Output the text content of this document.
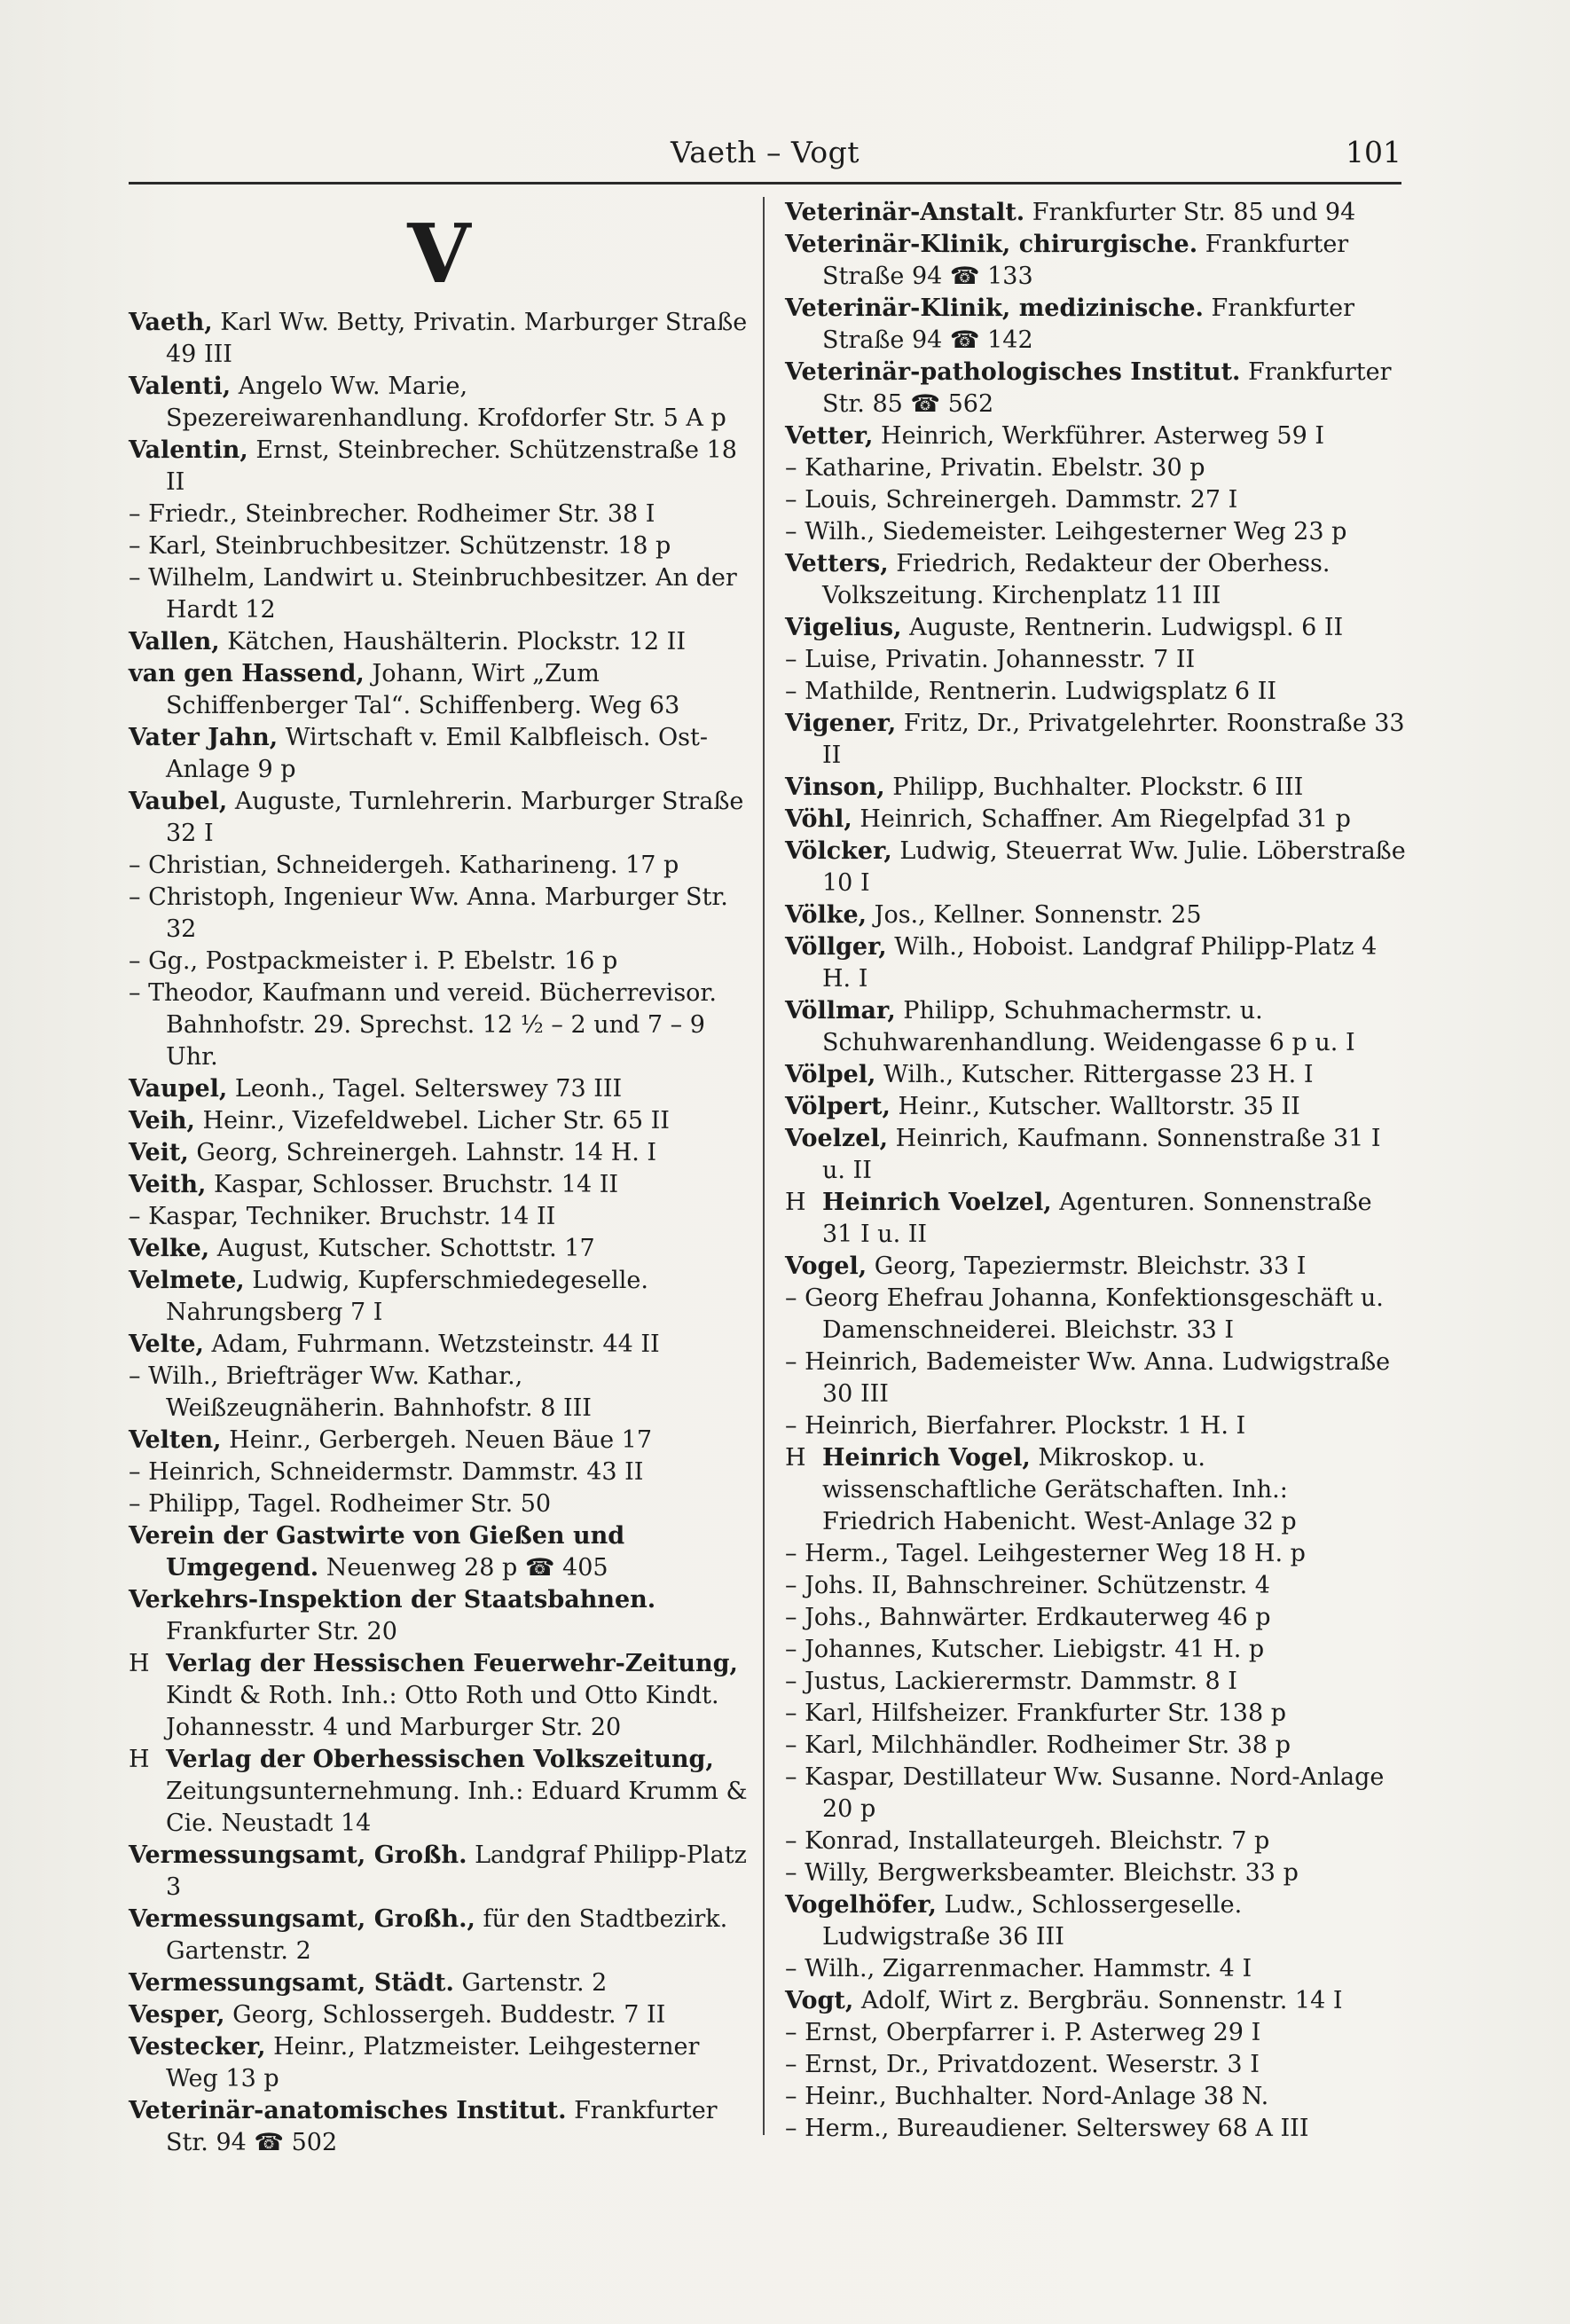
Vaeth – Vogt	101
V

Vaeth, Karl Ww. Betty, Privatin. Marburger Straße 49 III

Valenti, Angelo Ww. Marie, Spezereiwarenhandlung. Krofdorfer Str. 5 A p

Valentin, Ernst, Steinbrecher. Schützenstraße 18 II

– Friedr., Steinbrecher. Rodheimer Str. 38 I

– Karl, Steinbruchbesitzer. Schützenstr. 18 p

– Wilhelm, Landwirt u. Steinbruchbesitzer. An der Hardt 12

Vallen, Kätchen, Haushälterin. Plockstr. 12 II

van gen Hassend, Johann, Wirt „Zum Schiffenberger Tal“. Schiffenberg. Weg 63

Vater Jahn, Wirtschaft v. Emil Kalbfleisch. Ost-Anlage 9 p

Vaubel, Auguste, Turnlehrerin. Marburger Straße 32 I

– Christian, Schneidergeh. Katharineng. 17 p

– Christoph, Ingenieur Ww. Anna. Marburger Str. 32

– Gg., Postpackmeister i. P. Ebelstr. 16 p

– Theodor, Kaufmann und vereid. Bücherrevisor. Bahnhofstr. 29. Sprechst. 12 ½ – 2 und 7 – 9 Uhr.

Vaupel, Leonh., Tagel. Selterswey 73 III

Veih, Heinr., Vizefeldwebel. Licher Str. 65 II

Veit, Georg, Schreinergeh. Lahnstr. 14 H. I

Veith, Kaspar, Schlosser. Bruchstr. 14 II

– Kaspar, Techniker. Bruchstr. 14 II

Velke, August, Kutscher. Schottstr. 17

Velmete, Ludwig, Kupferschmiedegeselle. Nahrungsberg 7 I

Velte, Adam, Fuhrmann. Wetzsteinstr. 44 II

– Wilh., Briefträger Ww. Kathar., Weißzeugnäherin. Bahnhofstr. 8 III

Velten, Heinr., Gerbergeh. Neuen Bäue 17

– Heinrich, Schneidermstr. Dammstr. 43 II

– Philipp, Tagel. Rodheimer Str. 50

Verein der Gastwirte von Gießen und Umgegend. Neuenweg 28 p ☎ 405

Verkehrs-Inspektion der Staatsbahnen. Frankfurter Str. 20

H Verlag der Hessischen Feuerwehr-Zeitung, Kindt & Roth. Inh.: Otto Roth und Otto Kindt. Johannesstr. 4 und Marburger Str. 20

H Verlag der Oberhessischen Volkszeitung, Zeitungsunternehmung. Inh.: Eduard Krumm & Cie. Neustadt 14

Vermessungsamt, Großh. Landgraf Philipp-Platz 3

Vermessungsamt, Großh., für den Stadtbezirk. Gartenstr. 2

Vermessungsamt, Städt. Gartenstr. 2

Vesper, Georg, Schlossergeh. Buddestr. 7 II

Vestecker, Heinr., Platzmeister. Leihgesterner Weg 13 p

Veterinär-anatomisches Institut. Frankfurter Str. 94 ☎ 502

Veterinär-Anstalt. Frankfurter Str. 85 und 94

Veterinär-Klinik, chirurgische. Frankfurter Straße 94 ☎ 133

Veterinär-Klinik, medizinische. Frankfurter Straße 94 ☎ 142

Veterinär-pathologisches Institut. Frankfurter Str. 85 ☎ 562

Vetter, Heinrich, Werkführer. Asterweg 59 I

– Katharine, Privatin. Ebelstr. 30 p

– Louis, Schreinergeh. Dammstr. 27 I

– Wilh., Siedemeister. Leihgesterner Weg 23 p

Vetters, Friedrich, Redakteur der Oberhess. Volkszeitung. Kirchenplatz 11 III

Vigelius, Auguste, Rentnerin. Ludwigspl. 6 II

– Luise, Privatin. Johannesstr. 7 II

– Mathilde, Rentnerin. Ludwigsplatz 6 II

Vigener, Fritz, Dr., Privatgelehrter. Roonstraße 33 II

Vinson, Philipp, Buchhalter. Plockstr. 6 III

Vöhl, Heinrich, Schaffner. Am Riegelpfad 31 p

Völcker, Ludwig, Steuerrat Ww. Julie. Löberstraße 10 I

Völke, Jos., Kellner. Sonnenstr. 25

Völlger, Wilh., Hoboist. Landgraf Philipp-Platz 4 H. I

Völlmar, Philipp, Schuhmachermstr. u. Schuhwarenhandlung. Weidengasse 6 p u. I

Völpel, Wilh., Kutscher. Rittergasse 23 H. I

Völpert, Heinr., Kutscher. Walltorstr. 35 II

Voelzel, Heinrich, Kaufmann. Sonnenstraße 31 I u. II

H Heinrich Voelzel, Agenturen. Sonnenstraße 31 I u. II

Vogel, Georg, Tapeziermstr. Bleichstr. 33 I

– Georg Ehefrau Johanna, Konfektionsgeschäft u. Damenschneiderei. Bleichstr. 33 I

– Heinrich, Bademeister Ww. Anna. Ludwigstraße 30 III

– Heinrich, Bierfahrer. Plockstr. 1 H. I

H Heinrich Vogel, Mikroskop. u. wissenschaftliche Gerätschaften. Inh.: Friedrich Habenicht. West-Anlage 32 p

– Herm., Tagel. Leihgesterner Weg 18 H. p

– Johs. II, Bahnschreiner. Schützenstr. 4

– Johs., Bahnwärter. Erdkauterweg 46 p

– Johannes, Kutscher. Liebigstr. 41 H. p

– Justus, Lackierermstr. Dammstr. 8 I

– Karl, Hilfsheizer. Frankfurter Str. 138 p

– Karl, Milchhändler. Rodheimer Str. 38 p

– Kaspar, Destillateur Ww. Susanne. Nord-Anlage 20 p

– Konrad, Installateurgeh. Bleichstr. 7 p

– Willy, Bergwerksbeamter. Bleichstr. 33 p

Vogelhöfer, Ludw., Schlossergeselle. Ludwigstraße 36 III

– Wilh., Zigarrenmacher. Hammstr. 4 I

Vogt, Adolf, Wirt z. Bergbräu. Sonnenstr. 14 I

– Ernst, Oberpfarrer i. P. Asterweg 29 I

– Ernst, Dr., Privatdozent. Weserstr. 3 I

– Heinr., Buchhalter. Nord-Anlage 38 N.

– Herm., Bureaudiener. Selterswey 68 A III
